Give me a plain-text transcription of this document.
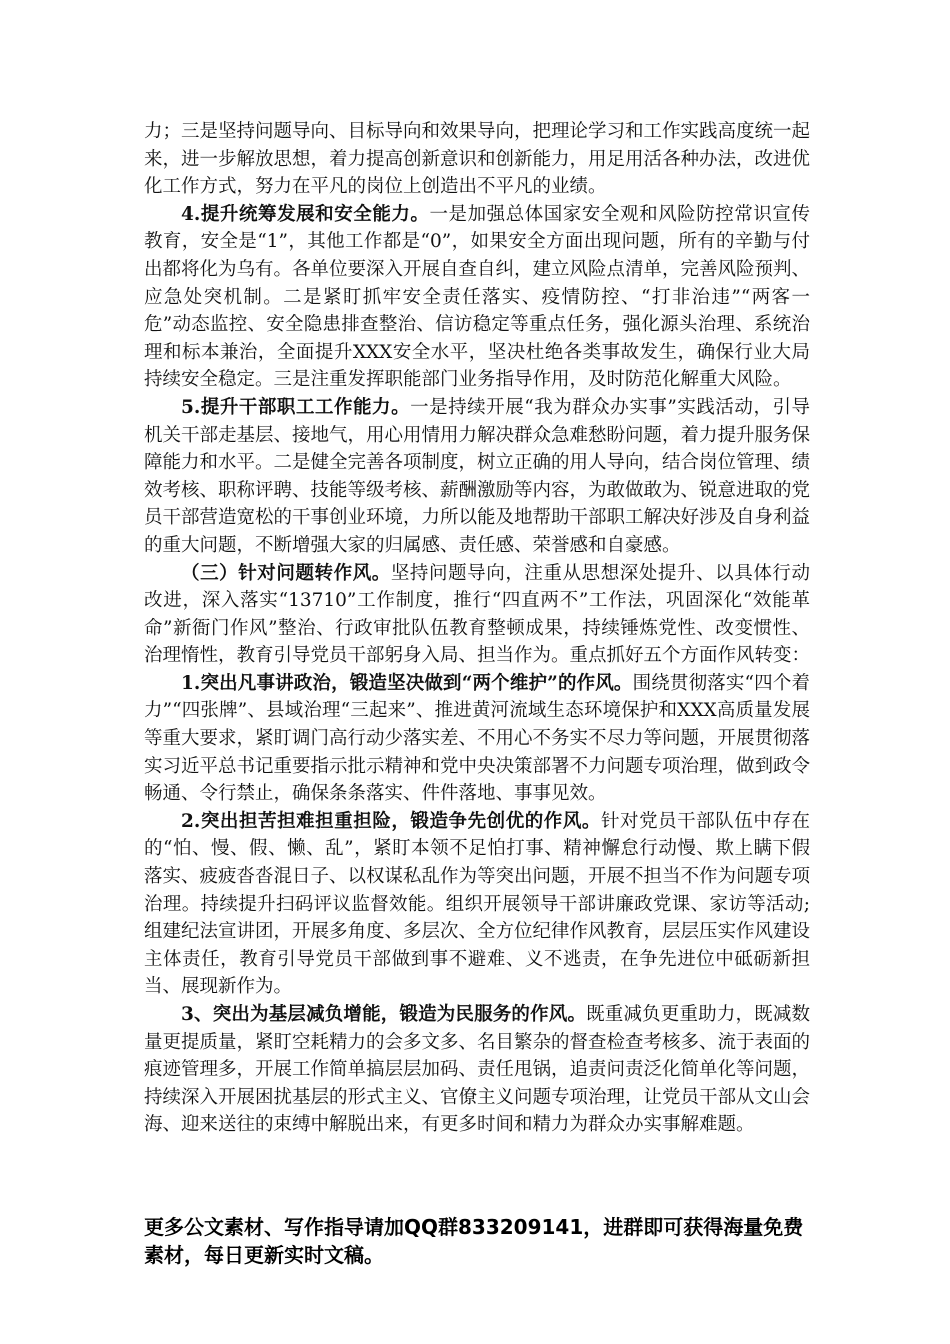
力；三是坚持问题导向、目标导向和效果导向，把理论学习和工作实践高度统一起来，进一步解放思想，着力提高创新意识和创新能力，用足用活各种办法，改进优化工作方式，努力在平凡的岗位上创造出不平凡的业绩。

4.提升统筹发展和安全能力。一是加强总体国家安全观和风险防控常识宣传教育，安全是“1”，其他工作都是“0”，如果安全方面出现问题，所有的辛勤与付出都将化为乌有。各单位要深入开展自查自纠，建立风险点清单，完善风险预判、应急处突机制。二是紧盯抓牢安全责任落实、疫情防控、“打非治违”“两客一危”动态监控、安全隐患排查整治、信访稳定等重点任务，强化源头治理、系统治理和标本兼治，全面提升XXX安全水平，坚决杜绝各类事故发生，确保行业大局持续安全稳定。三是注重发挥职能部门业务指导作用，及时防范化解重大风险。

5.提升干部职工工作能力。一是持续开展“我为群众办实事”实践活动，引导机关干部走基层、接地气，用心用情用力解决群众急难愁盼问题，着力提升服务保障能力和水平。二是健全完善各项制度，树立正确的用人导向，结合岗位管理、绩效考核、职称评聘、技能等级考核、薪酬激励等内容，为敢做敢为、锐意进取的党员干部营造宽松的干事创业环境，力所以能及地帮助干部职工解决好涉及自身利益的重大问题，不断增强大家的归属感、责任感、荣誉感和自豪感。

（三）针对问题转作风。坚持问题导向，注重从思想深处提升、以具体行动改进，深入落实“13710”工作制度，推行“四直两不”工作法，巩固深化“效能革命”新衙门作风”整治、行政审批队伍教育整顿成果，持续锤炼党性、改变惯性、治理惰性，教育引导党员干部躬身入局、担当作为。重点抓好五个方面作风转变：

1.突出凡事讲政治，锻造坚决做到“两个维护”的作风。围绕贯彻落实“四个着力”“四张牌”、县域治理“三起来”、推进黄河流域生态环境保护和XXX高质量发展等重大要求，紧盯调门高行动少落实差、不用心不务实不尽力等问题，开展贯彻落实习近平总书记重要指示批示精神和党中央决策部署不力问题专项治理，做到政令畅通、令行禁止，确保条条落实、件件落地、事事见效。

2.突出担苦担难担重担险，锻造争先创优的作风。针对党员干部队伍中存在的“怕、慢、假、懒、乱”，紧盯本领不足怕打事、精神懈怠行动慢、欺上瞒下假落实、疲疲沓沓混日子、以权谋私乱作为等突出问题，开展不担当不作为问题专项治理。持续提升扫码评议监督效能。组织开展领导干部讲廉政党课、家访等活动;组建纪法宣讲团，开展多角度、多层次、全方位纪律作风教育，层层压实作风建设主体责任，教育引导党员干部做到事不避难、义不逃责，在争先进位中砥砺新担当、展现新作为。

3、突出为基层减负增能，锻造为民服务的作风。既重减负更重助力，既减数量更提质量，紧盯空耗精力的会多文多、名目繁杂的督查检查考核多、流于表面的痕迹管理多，开展工作简单搞层层加码、责任甩锅，追责问责泛化简单化等问题，持续深入开展困扰基层的形式主义、官僚主义问题专项治理，让党员干部从文山会海、迎来送往的束缚中解脱出来，有更多时间和精力为群众办实事解难题。

更多公文素材、写作指导请加QQ群833209141，进群即可获得海量免费素材，每日更新实时文稿。
